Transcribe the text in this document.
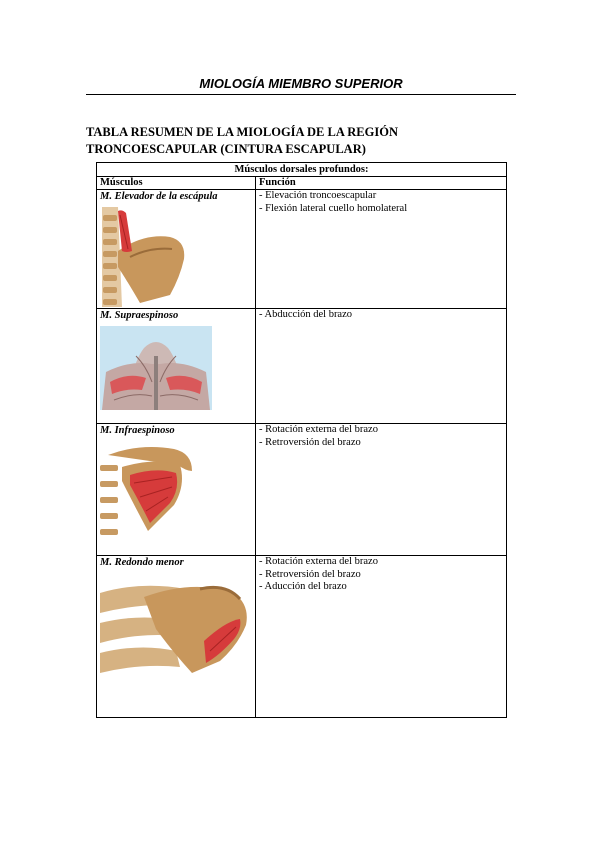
MIOLOGÍA MIEMBRO SUPERIOR
TABLA RESUMEN DE LA MIOLOGÍA DE LA REGIÓN TRONCOESCAPULAR (CINTURA ESCAPULAR)
Músculos dorsales profundos:	
Músculos	Función

M. Elevador de la escápula	- Elevación troncoescapular
- Flexión lateral cuello homolateral

M. Supraespinoso	- Abducción del brazo

M. Infraespinoso	- Rotación externa del brazo
- Retroversión del brazo

M. Redondo menor	- Rotación externa del brazo
- Retroversión del brazo
- Aducción del brazo
